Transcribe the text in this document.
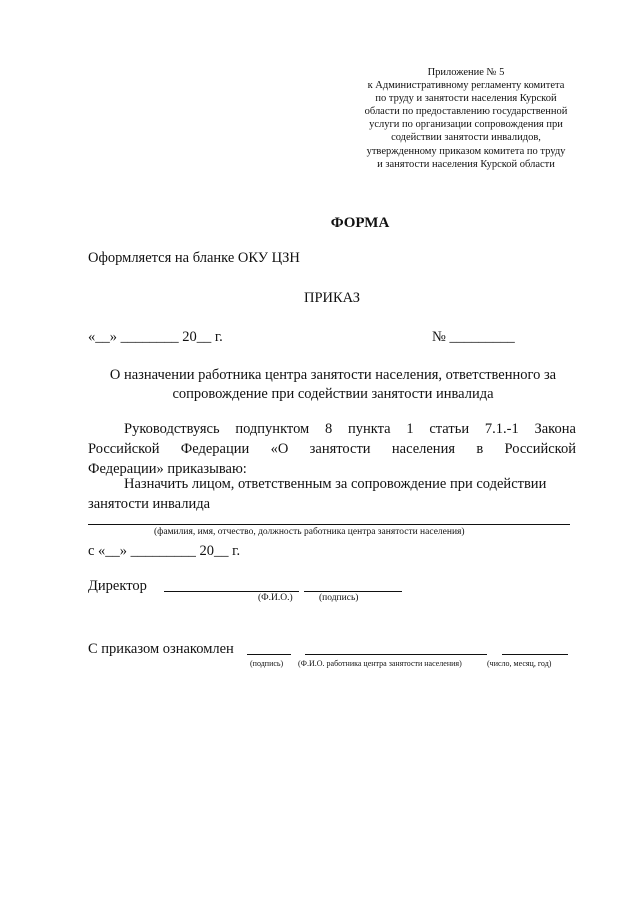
Приложение № 5
к Административному регламенту комитета
по труду и занятости населения Курской
области по предоставлению государственной
услуги по организации сопровождения при
содействии занятости инвалидов,
утвержденному приказом комитета по труду
и занятости населения Курской области
ФОРМА
Оформляется на бланке ОКУ ЦЗН
ПРИКАЗ
«__» ________ 20__ г.	№ _________
О назначении работника центра занятости населения, ответственного за
сопровождение при содействии занятости инвалида
Руководствуясь подпунктом 8 пункта 1 статьи 7.1.-1 Закона
Российской Федерации «О занятости населения в Российской
Федерации» приказываю:
Назначить лицом, ответственным за сопровождение при содействии
занятости инвалида
(фамилия, имя, отчество, должность работника центра занятости населения)
с «__» _________ 20__ г.
Директор
(Ф.И.О.)	(подпись)
С приказом ознакомлен
(подпись) (Ф.И.О. работника центра занятости населения)	(число, месяц, год)
